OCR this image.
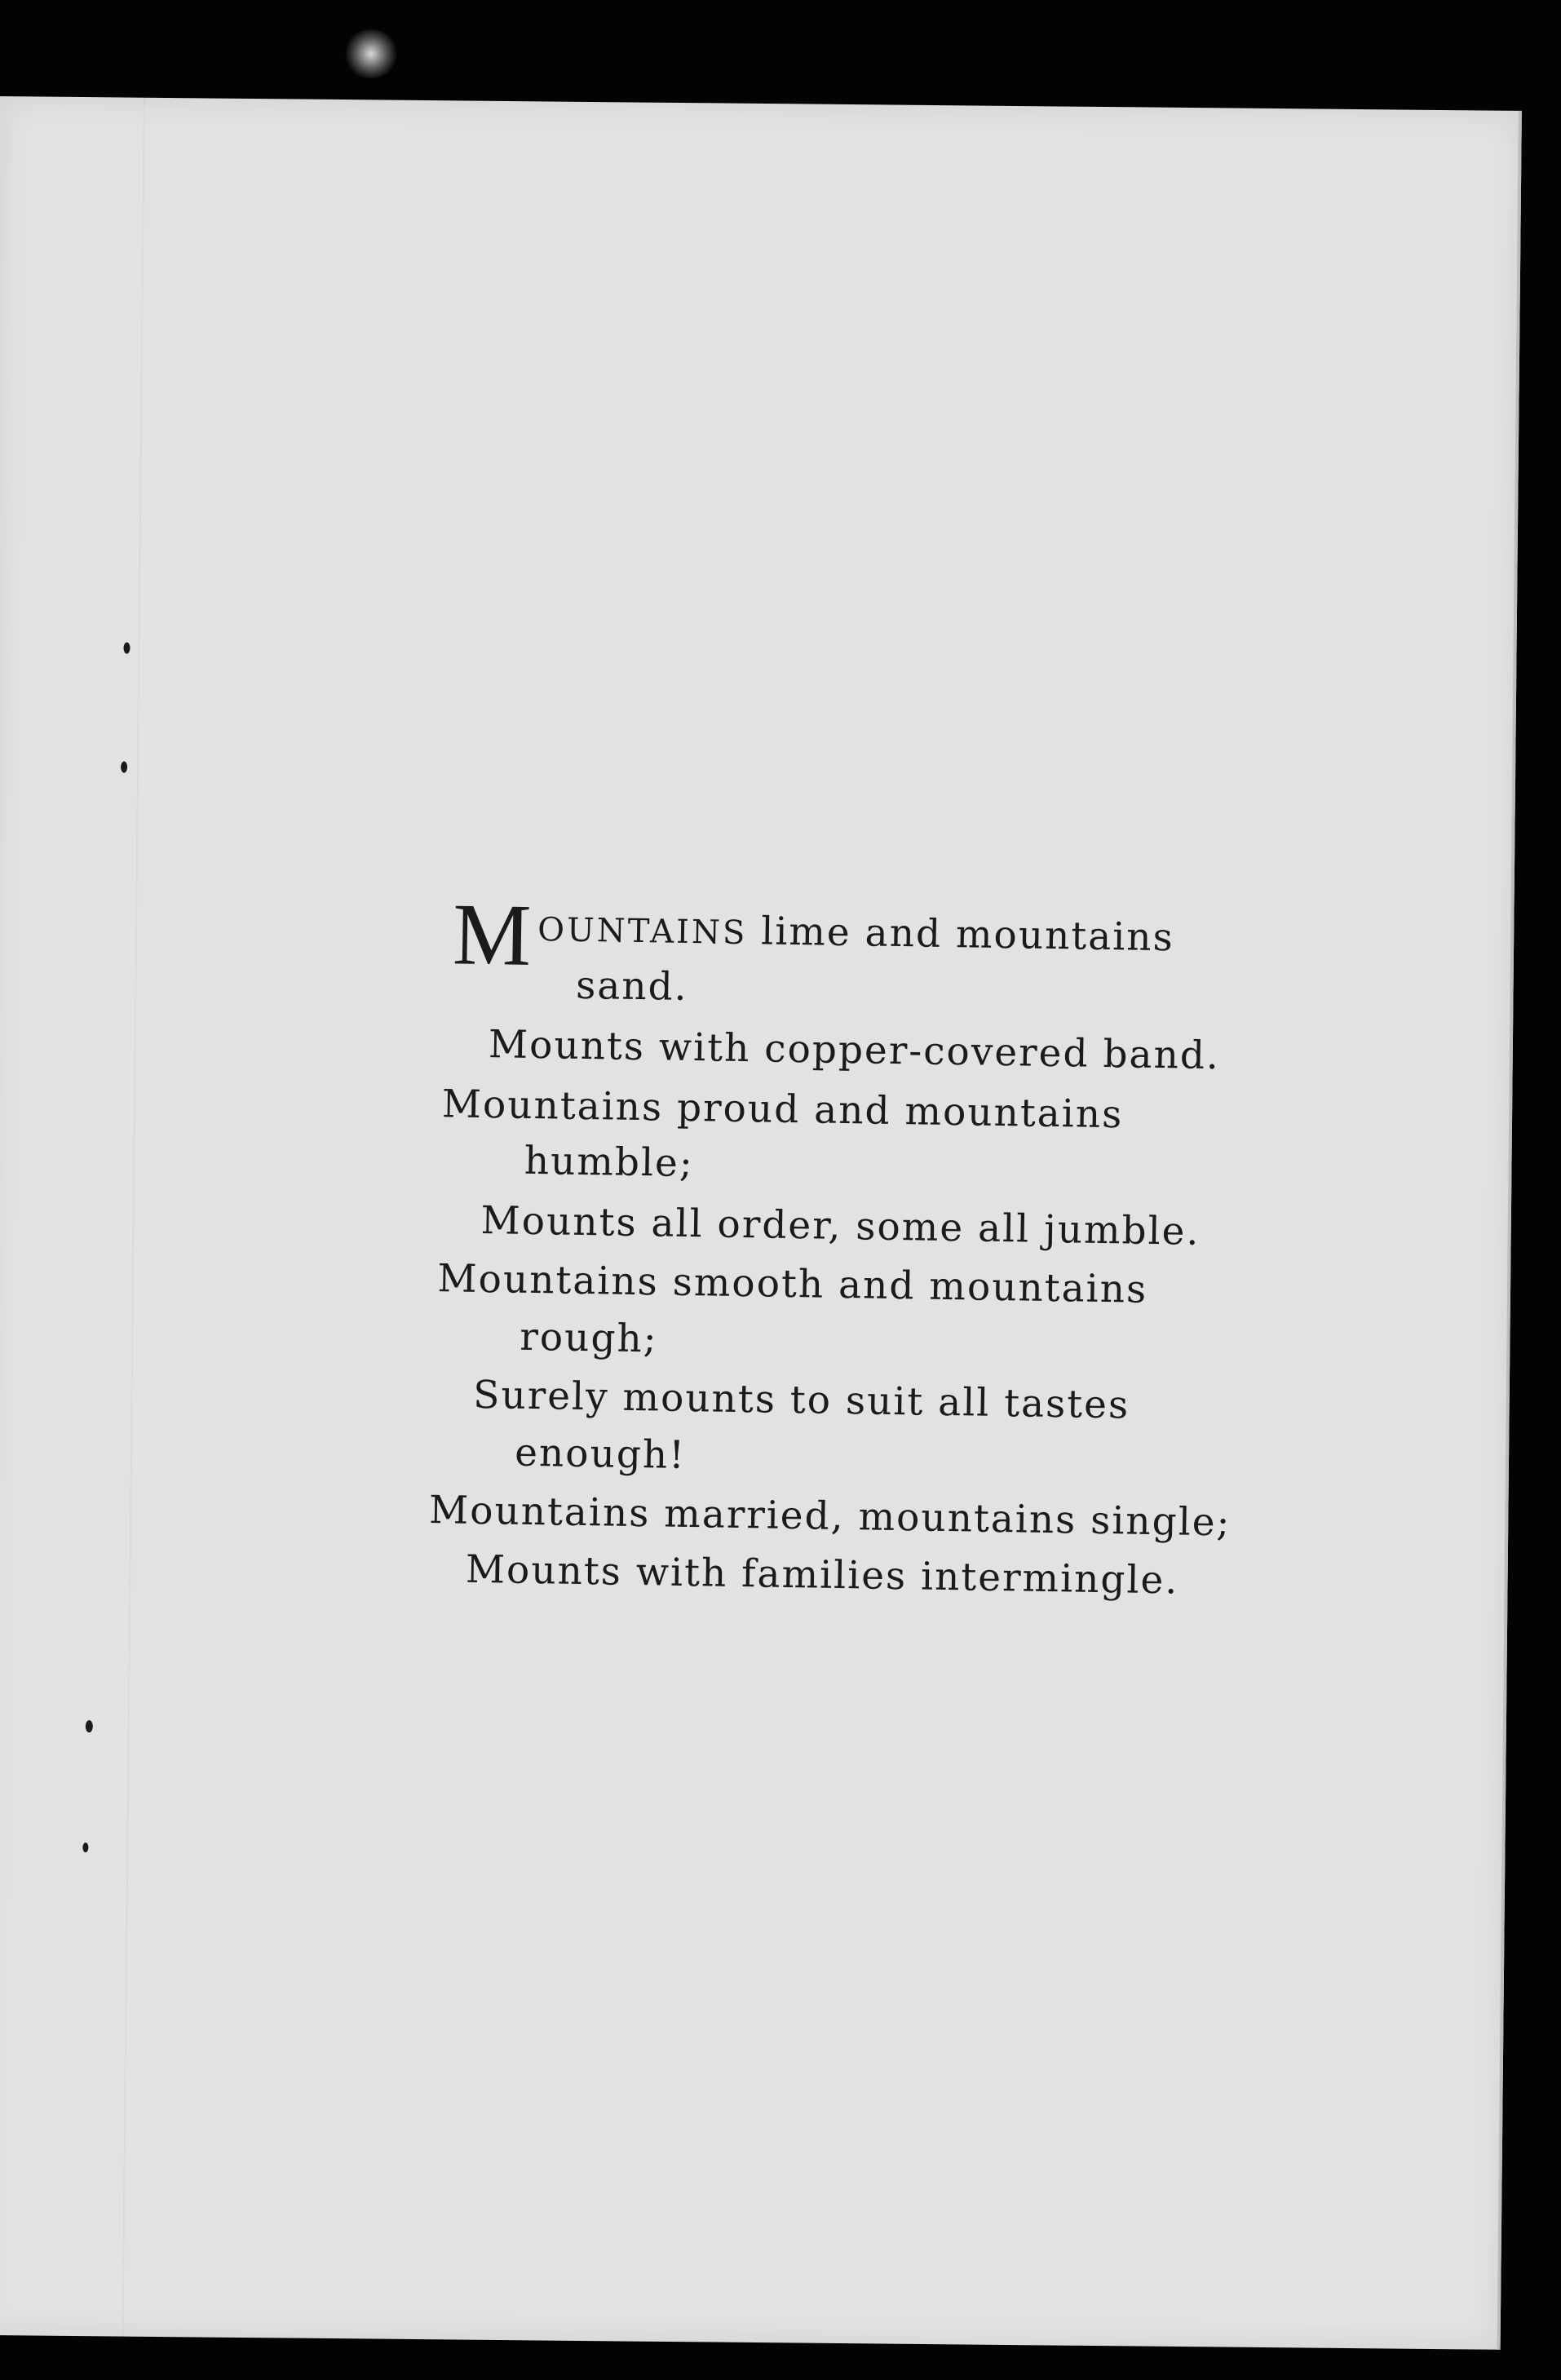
M OUNTAINS lime and mountains
sand.
Mounts with copper-covered band.
Mountains proud and mountains
humble;
Mounts all order, some all jumble.
Mountains smooth and mountains
rough;
Surely mounts to suit all tastes
enough!
Mountains married, mountains single;
Mounts with families intermingle.
